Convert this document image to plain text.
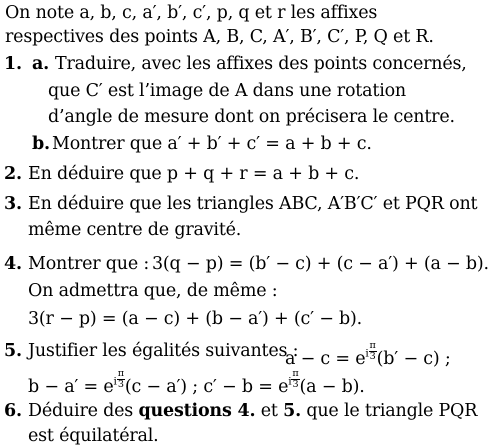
On note a, b, c, a′, b′, c′, p, q et r les affixes
respectives des points A, B, C, A′, B′, C′, P, Q et R.
1. a. Traduire, avec les affixes des points concernés,
que C′ est l’image de A dans une rotation
d’angle de mesure dont on précisera le centre.
b. Montrer que a′ + b′ + c′ = a + b + c.
2. En déduire que p + q + r = a + b + c.
3. En déduire que les triangles ABC, A′B′C′ et PQR ont
même centre de gravité.
4. Montrer que : 3(q − p) = (b′ − c) + (c − a′) + (a − b).
On admettra que, de même :
3(r − p) = (a − c) + (b − a′) + (c′ − b).
5. Justifier les égalités suivantes :
$a - c = e^i \frac{\pi}{3} (b' - c)$ ;
$b - a' = e^i \frac{\pi}{3} (c - a')$ ; $c' - b = e^i \frac{\pi}{3} (a - b)$.
6. Déduire des questions 4. et 5. que le triangle PQR
est équilatéral.
